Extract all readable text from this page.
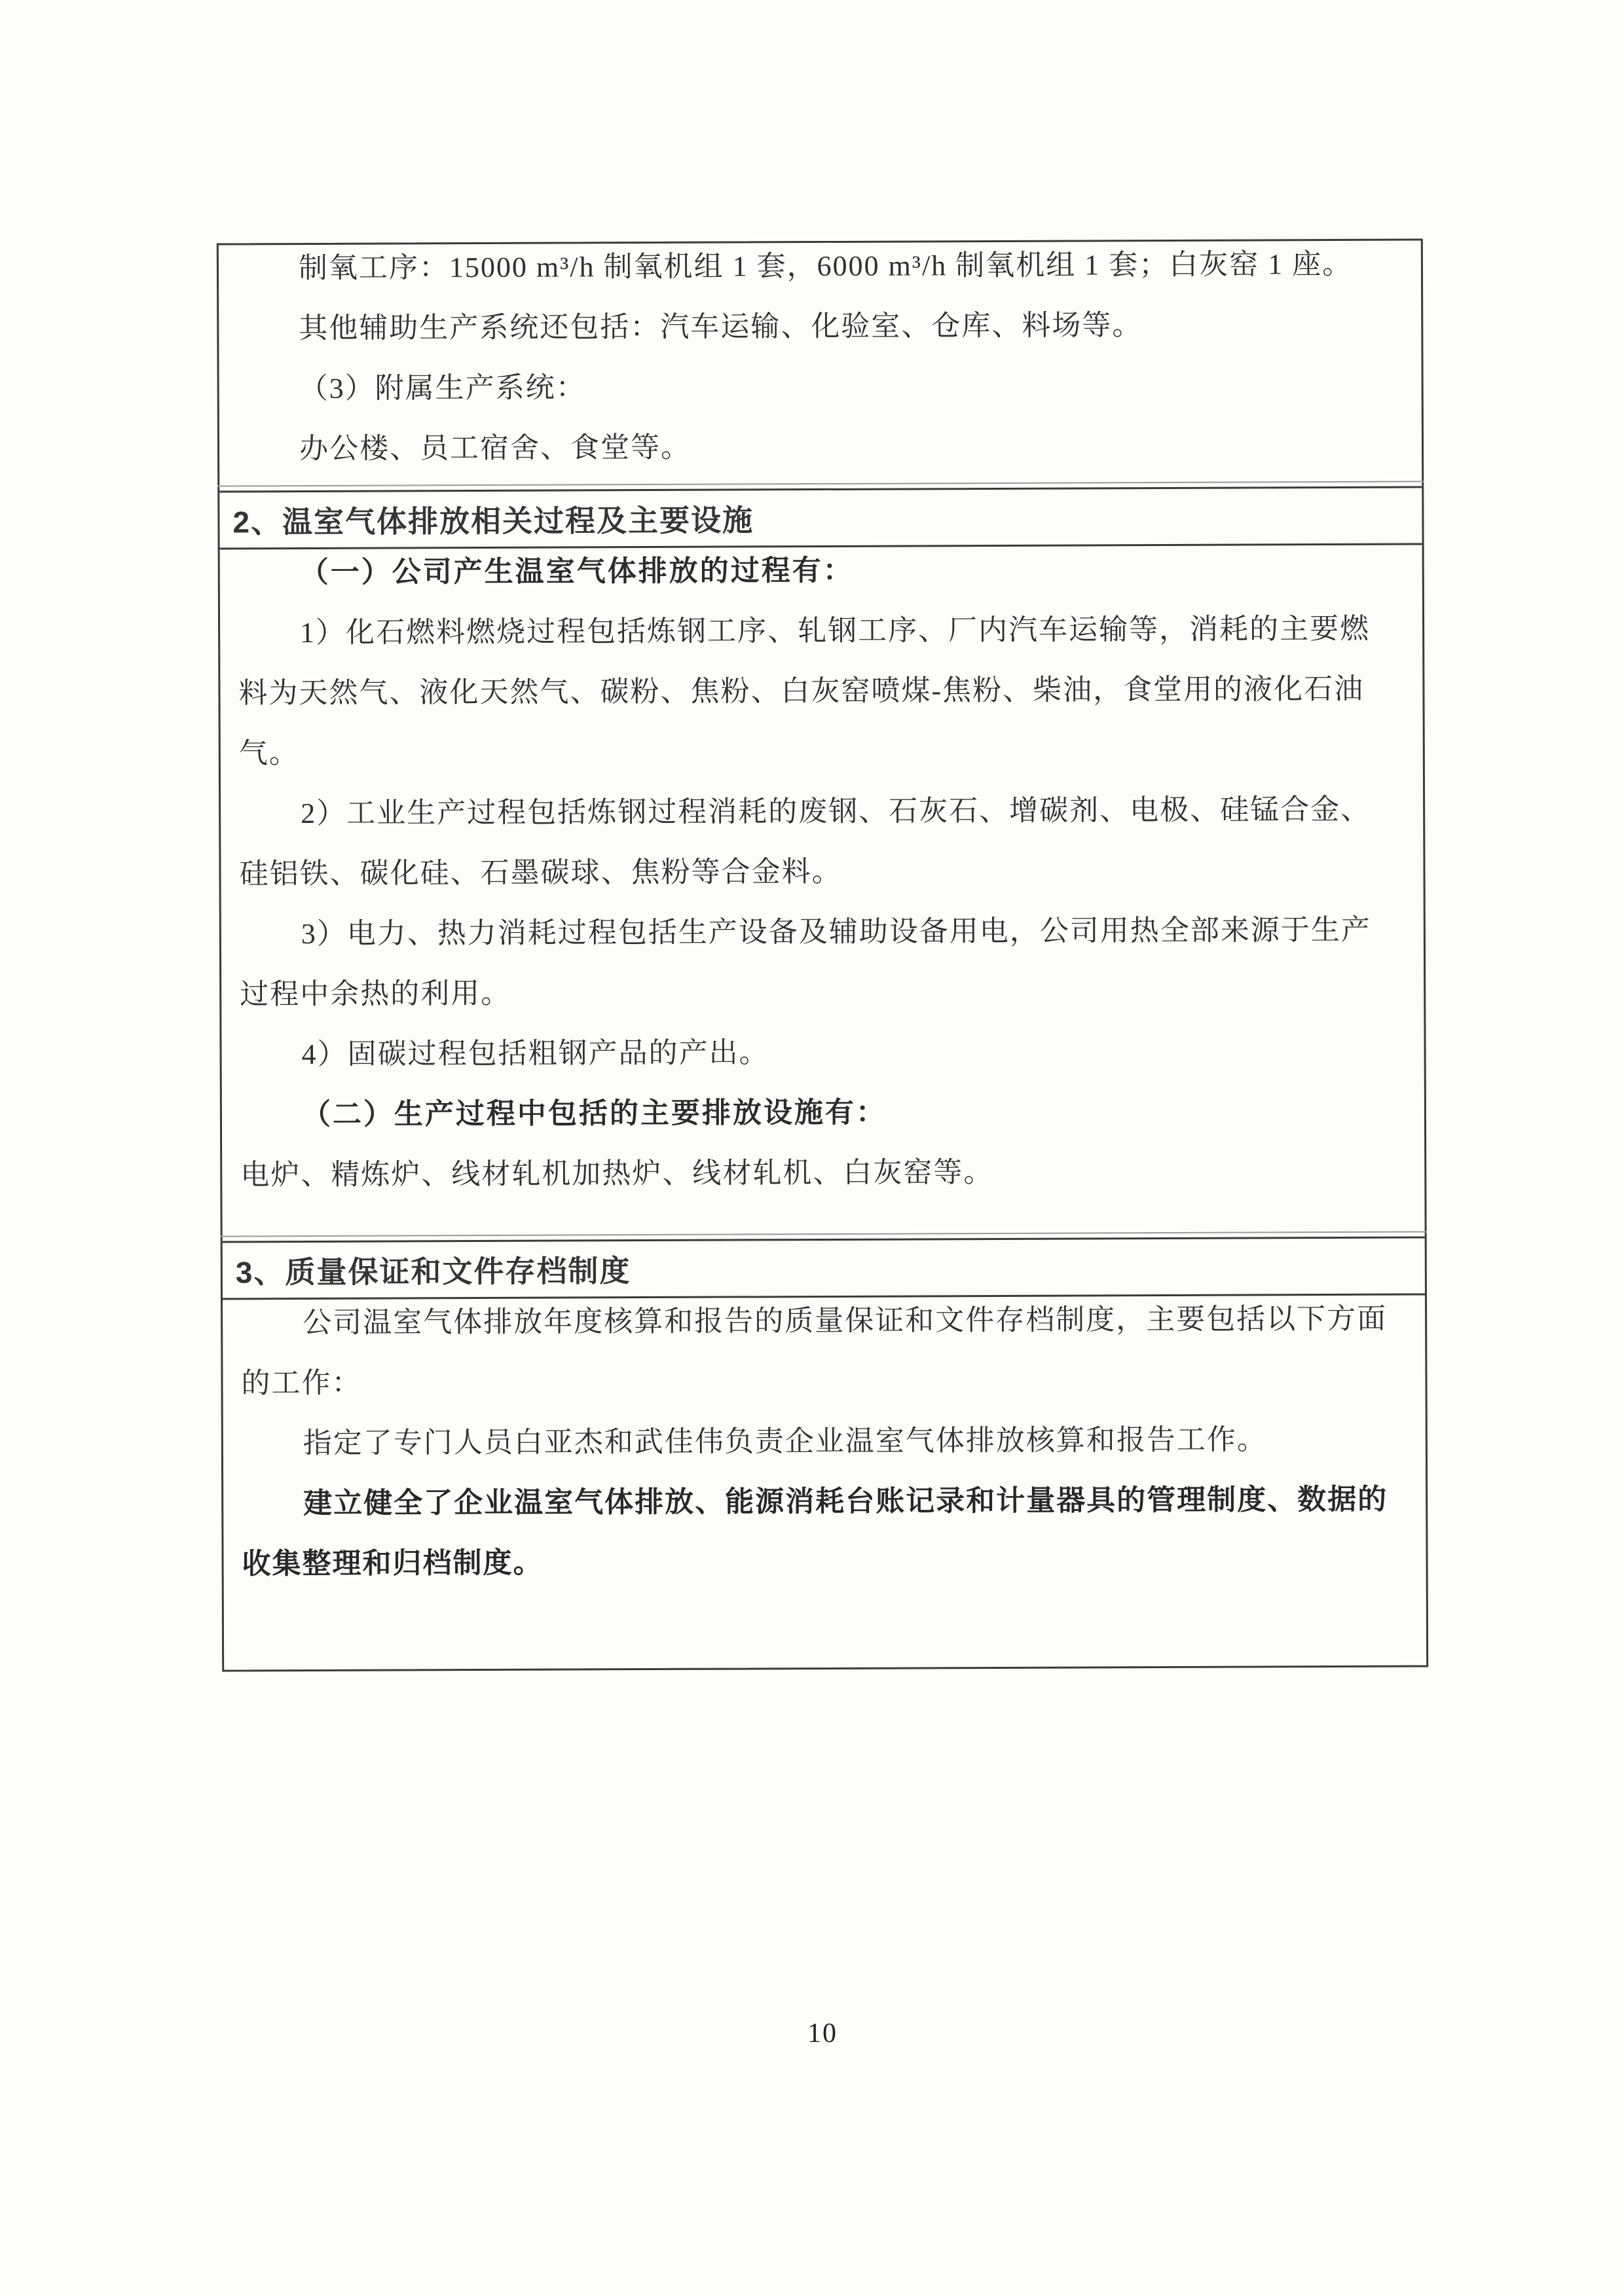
制氧工序：15000 m³/h 制氧机组 1 套，6000 m³/h 制氧机组 1 套；白灰窑 1 座。
其他辅助生产系统还包括：汽车运输、化验室、仓库、料场等。
（3）附属生产系统：
办公楼、员工宿舍、食堂等。
2、温室气体排放相关过程及主要设施
（一）公司产生温室气体排放的过程有：
1）化石燃料燃烧过程包括炼钢工序、轧钢工序、厂内汽车运输等，消耗的主要燃
料为天然气、液化天然气、碳粉、焦粉、白灰窑喷煤-焦粉、柴油，食堂用的液化石油
气。
2）工业生产过程包括炼钢过程消耗的废钢、石灰石、增碳剂、电极、硅锰合金、
硅铝铁、碳化硅、石墨碳球、焦粉等合金料。
3）电力、热力消耗过程包括生产设备及辅助设备用电，公司用热全部来源于生产
过程中余热的利用。
4）固碳过程包括粗钢产品的产出。
（二）生产过程中包括的主要排放设施有：
电炉、精炼炉、线材轧机加热炉、线材轧机、白灰窑等。
3、质量保证和文件存档制度
公司温室气体排放年度核算和报告的质量保证和文件存档制度，主要包括以下方面
的工作：
指定了专门人员白亚杰和武佳伟负责企业温室气体排放核算和报告工作。
建立健全了企业温室气体排放、能源消耗台账记录和计量器具的管理制度、数据的
收集整理和归档制度。
10
